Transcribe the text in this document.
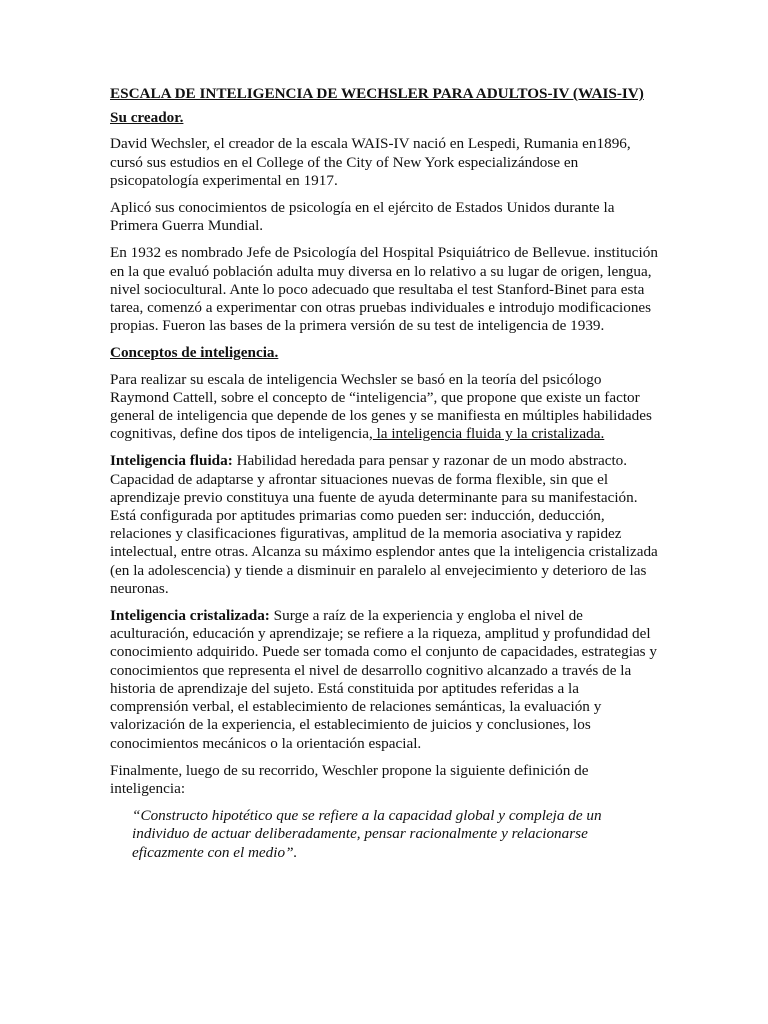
ESCALA DE INTELIGENCIA DE WECHSLER PARA ADULTOS-IV (WAIS-IV)
Su creador.

David Wechsler, el creador de la escala WAIS-IV nació en Lespedi, Rumania en1896, cursó sus estudios en el College of the City of New York especializándose en psicopatología experimental en 1917.

Aplicó sus conocimientos de psicología en el ejército de Estados Unidos durante la Primera Guerra Mundial.

En 1932 es nombrado Jefe de Psicología del Hospital Psiquiátrico de Bellevue. institución en la que evaluó población adulta muy diversa en lo relativo a su lugar de origen, lengua, nivel sociocultural. Ante lo poco adecuado que resultaba el test Stanford-Binet para esta tarea, comenzó a experimentar con otras pruebas individuales e introdujo modificaciones propias. Fueron las bases de la primera versión de su test de inteligencia de 1939.

Conceptos de inteligencia.

Para realizar su escala de inteligencia Wechsler se basó en la teoría del psicólogo Raymond Cattell, sobre el concepto de “inteligencia”, que propone que existe un factor general de inteligencia que depende de los genes y se manifiesta en múltiples habilidades cognitivas, define dos tipos de inteligencia, la inteligencia fluida y la cristalizada.

Inteligencia fluida: Habilidad heredada para pensar y razonar de un modo abstracto. Capacidad de adaptarse y afrontar situaciones nuevas de forma flexible, sin que el aprendizaje previo constituya una fuente de ayuda determinante para su manifestación. Está configurada por aptitudes primarias como pueden ser: inducción, deducción, relaciones y clasificaciones figurativas, amplitud de la memoria asociativa y rapidez intelectual, entre otras. Alcanza su máximo esplendor antes que la inteligencia cristalizada (en la adolescencia) y tiende a disminuir en paralelo al envejecimiento y deterioro de las neuronas.

Inteligencia cristalizada: Surge a raíz de la experiencia y engloba el nivel de aculturación, educación y aprendizaje; se refiere a la riqueza, amplitud y profundidad del conocimiento adquirido. Puede ser tomada como el conjunto de capacidades, estrategias y conocimientos que representa el nivel de desarrollo cognitivo alcanzado a través de la historia de aprendizaje del sujeto. Está constituida por aptitudes referidas a la comprensión verbal, el establecimiento de relaciones semánticas, la evaluación y valorización de la experiencia, el establecimiento de juicios y conclusiones, los conocimientos mecánicos o la orientación espacial.

Finalmente, luego de su recorrido, Weschler propone la siguiente definición de inteligencia:

“Constructo hipotético que se refiere a la capacidad global y compleja de un individuo de actuar deliberadamente, pensar racionalmente y relacionarse eficazmente con el medio”.
